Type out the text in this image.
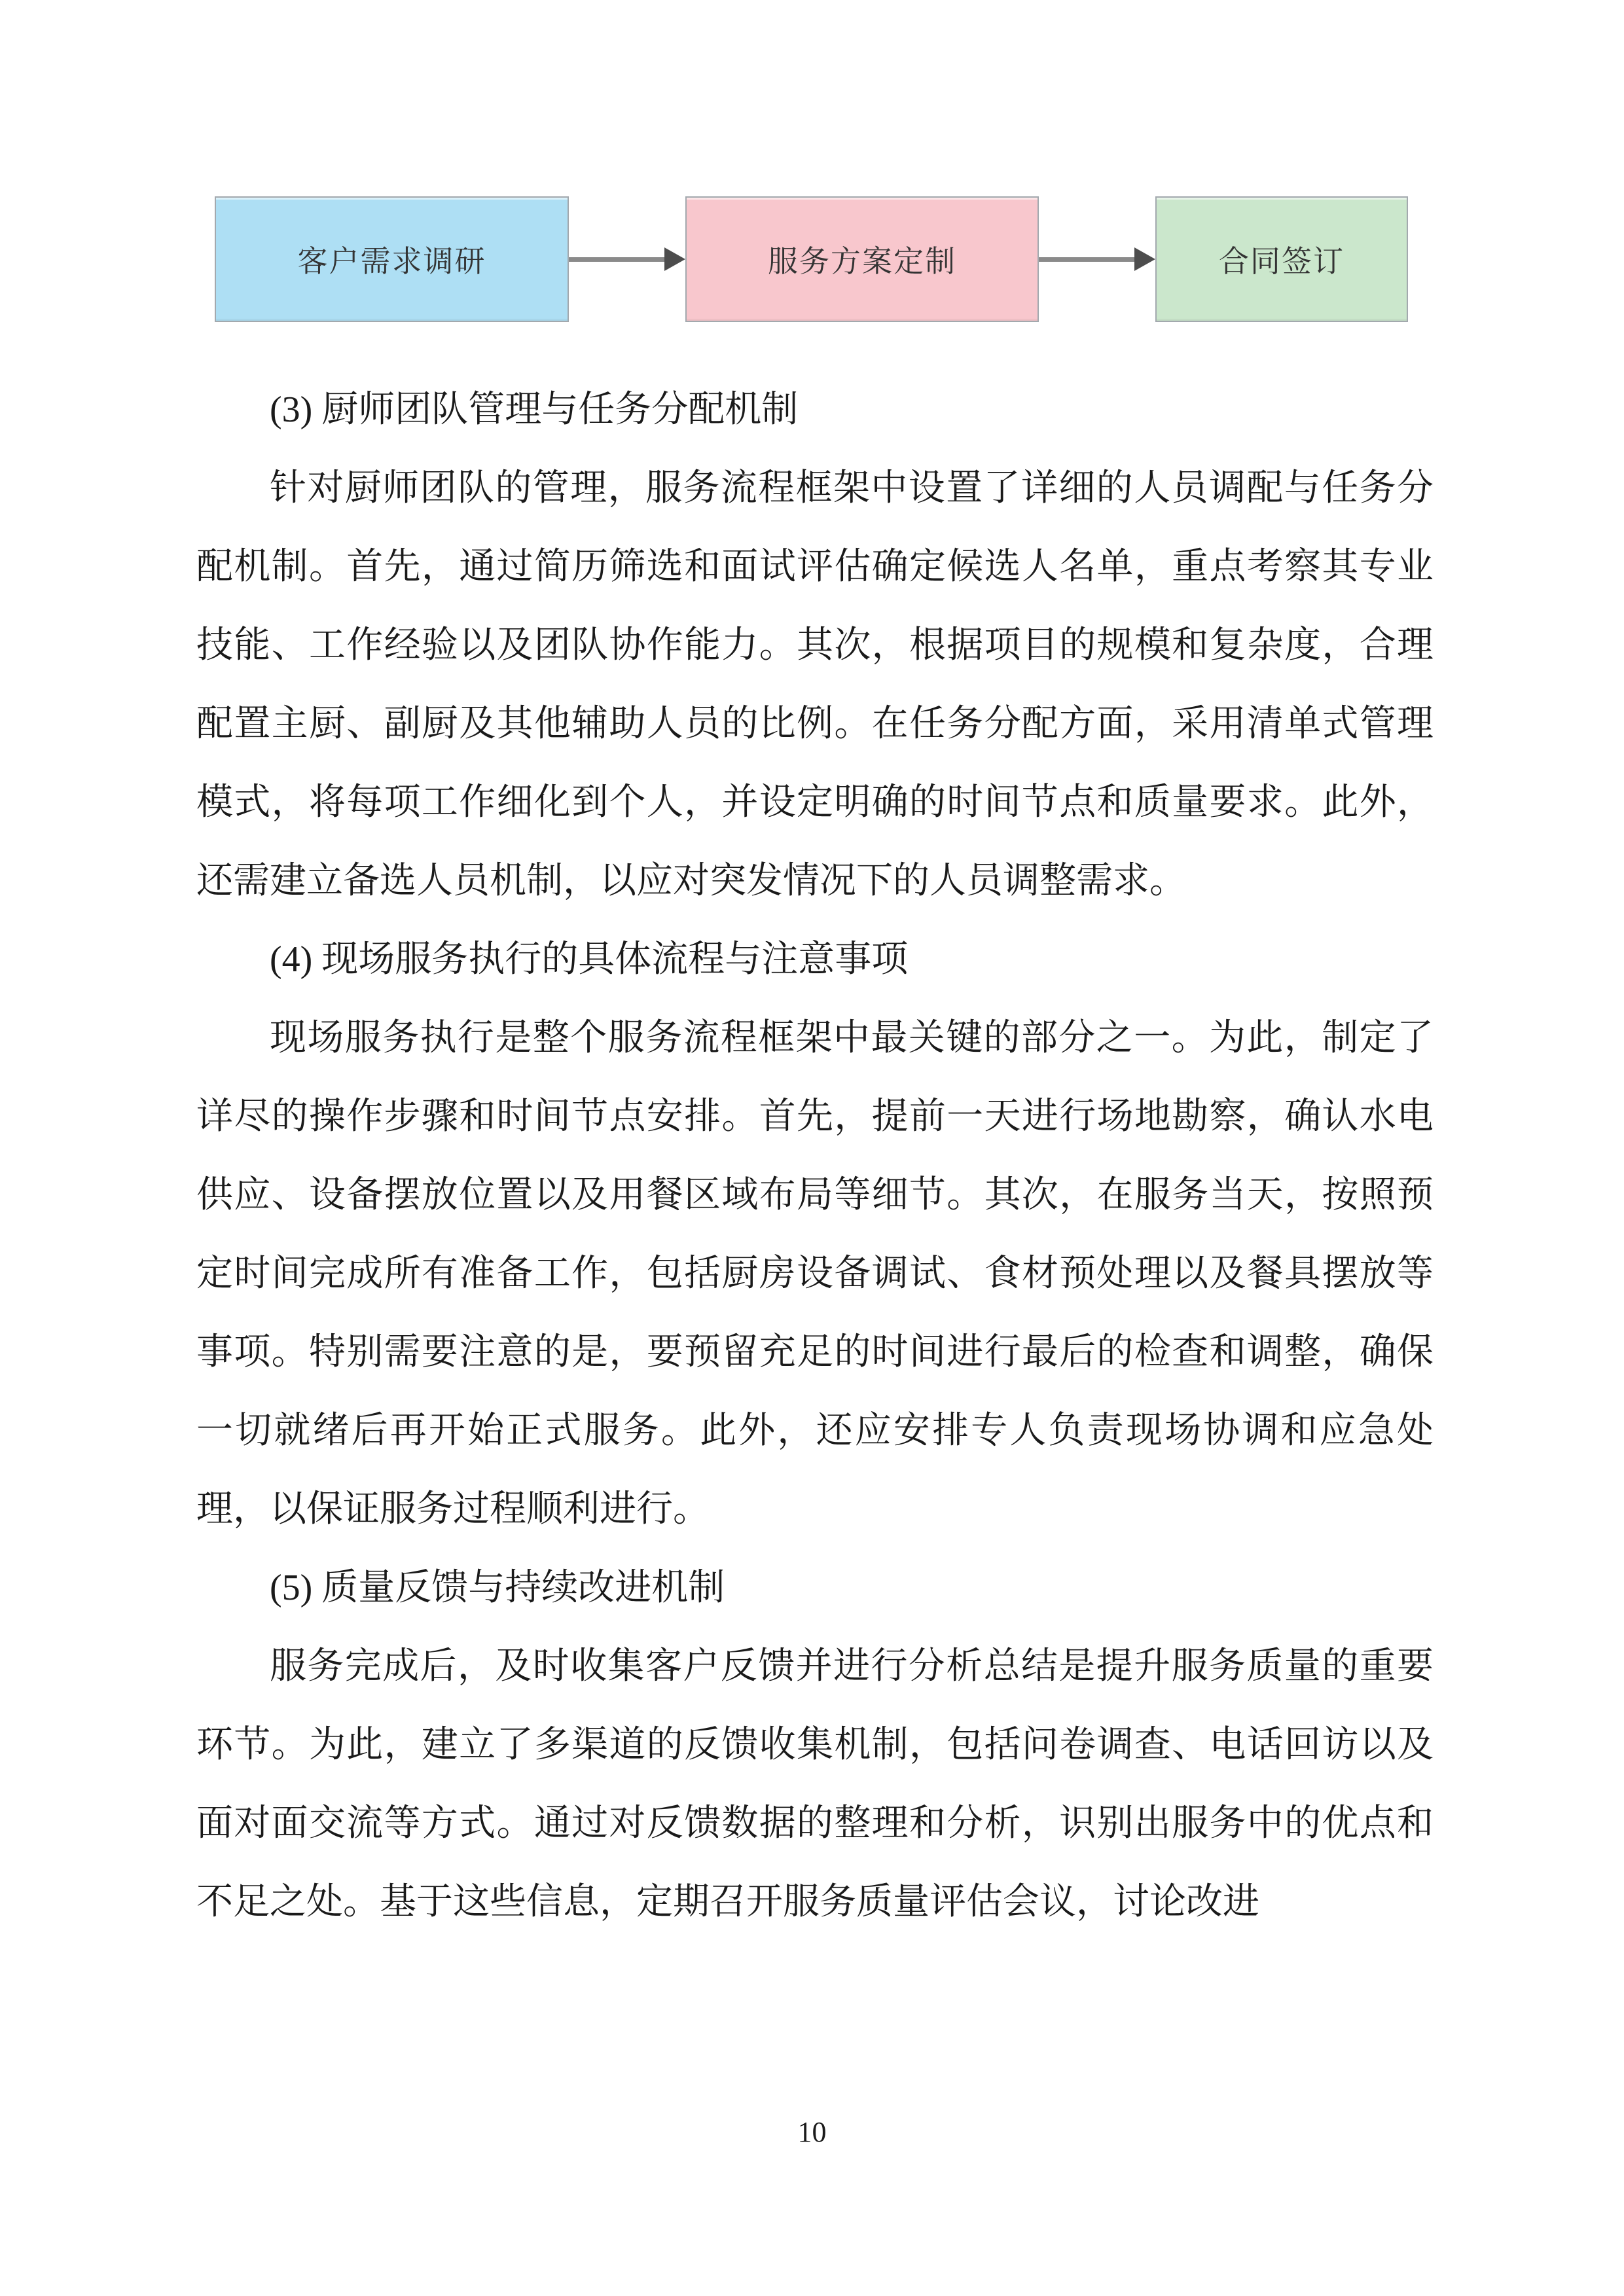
客户需求调研	服务方案定制	合同签订
(3) 厨师团队管理与任务分配机制

针对厨师团队的管理，服务流程框架中设置了详细的人员调配与任务分配机制。首先，通过简历筛选和面试评估确定候选人名单，重点考察其专业技能、工作经验以及团队协作能力。其次，根据项目的规模和复杂度，合理配置主厨、副厨及其他辅助人员的比例。在任务分配方面，采用清单式管理模式，将每项工作细化到个人，并设定明确的时间节点和质量要求。此外，还需建立备选人员机制，以应对突发情况下的人员调整需求。

(4) 现场服务执行的具体流程与注意事项

现场服务执行是整个服务流程框架中最关键的部分之一。为此，制定了详尽的操作步骤和时间节点安排。首先，提前一天进行场地勘察，确认水电供应、设备摆放位置以及用餐区域布局等细节。其次，在服务当天，按照预定时间完成所有准备工作，包括厨房设备调试、食材预处理以及餐具摆放等事项。特别需要注意的是，要预留充足的时间进行最后的检查和调整，确保一切就绪后再开始正式服务。此外，还应安排专人负责现场协调和应急处理，以保证服务过程顺利进行。

(5) 质量反馈与持续改进机制

服务完成后，及时收集客户反馈并进行分析总结是提升服务质量的重要环节。为此，建立了多渠道的反馈收集机制，包括问卷调查、电话回访以及面对面交流等方式。通过对反馈数据的整理和分析，识别出服务中的优点和不足之处。基于这些信息，定期召开服务质量评估会议，讨论改进

10
